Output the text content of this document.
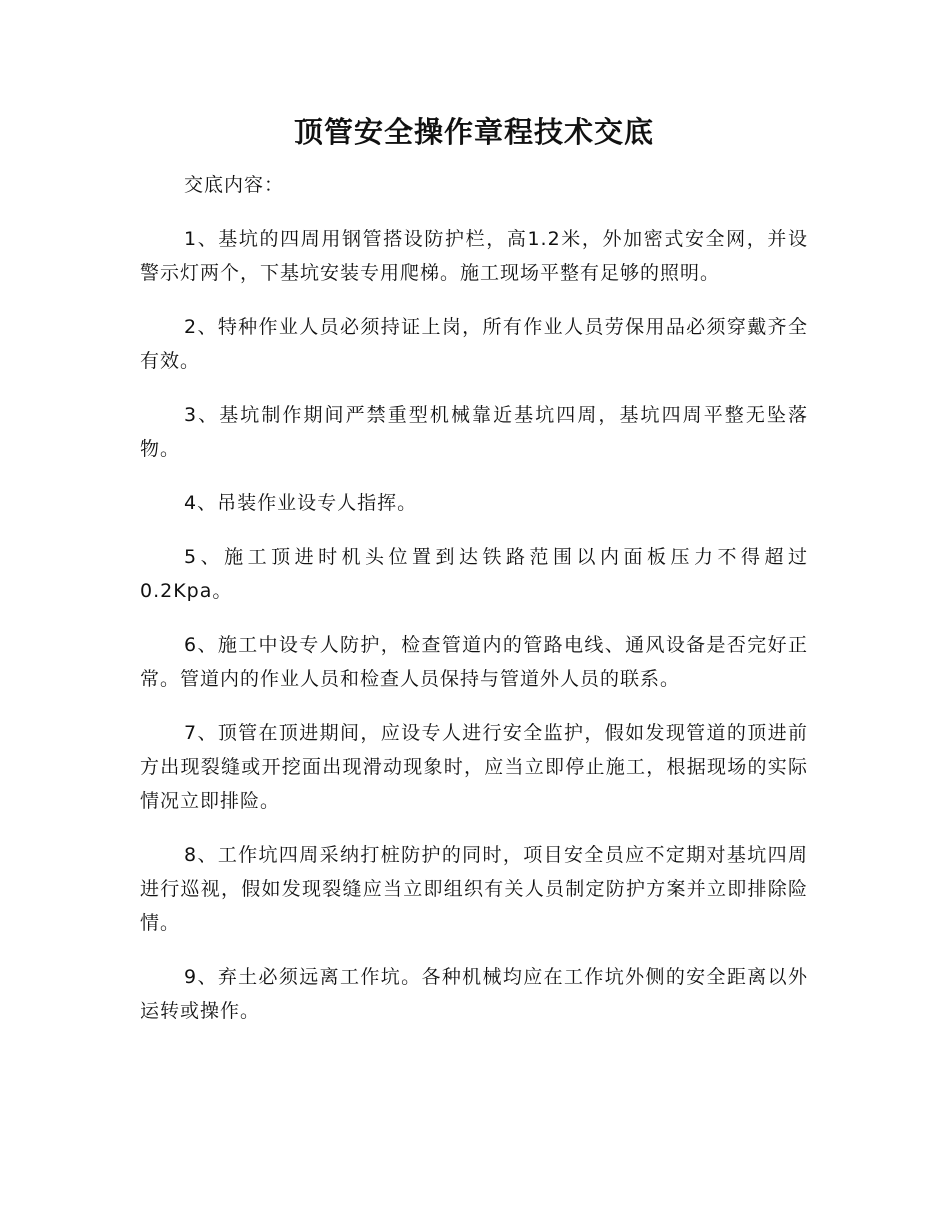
顶管安全操作章程技术交底

交底内容：

1、基坑的四周用钢管搭设防护栏，高1.2米，外加密式安全网，并设警示灯两个，下基坑安装专用爬梯。施工现场平整有足够的照明。

2、特种作业人员必须持证上岗，所有作业人员劳保用品必须穿戴齐全有效。

3、基坑制作期间严禁重型机械靠近基坑四周，基坑四周平整无坠落物。

4、吊装作业设专人指挥。

5、施工顶进时机头位置到达铁路范围以内面板压力不得超过0.2Kpa。

6、施工中设专人防护，检查管道内的管路电线、通风设备是否完好正常。管道内的作业人员和检查人员保持与管道外人员的联系。

7、顶管在顶进期间，应设专人进行安全监护，假如发现管道的顶进前方出现裂缝或开挖面出现滑动现象时，应当立即停止施工，根据现场的实际情况立即排险。

8、工作坑四周采纳打桩防护的同时，项目安全员应不定期对基坑四周进行巡视，假如发现裂缝应当立即组织有关人员制定防护方案并立即排除险情。

9、弃土必须远离工作坑。各种机械均应在工作坑外侧的安全距离以外运转或操作。
